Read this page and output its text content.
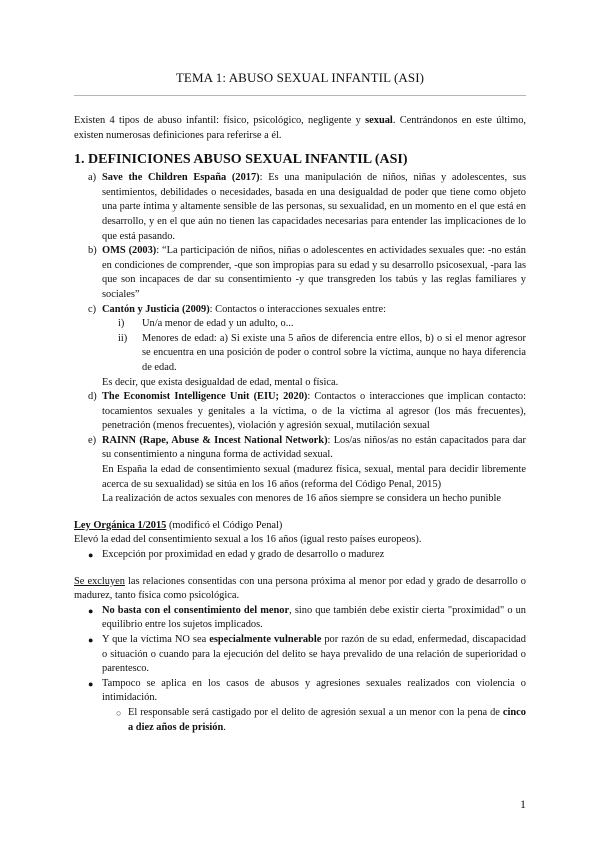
TEMA 1: ABUSO SEXUAL INFANTIL (ASI)

Existen 4 tipos de abuso infantil: físico, psicológico, negligente y sexual. Centrándonos en este último, existen numerosas definiciones para referirse a él.

1. DEFINICIONES ABUSO SEXUAL INFANTIL (ASI)
a) Save the Children España (2017): Es una manipulación de niños, niñas y adolescentes, sus sentimientos, debilidades o necesidades, basada en una desigualdad de poder que tiene como objeto una parte íntima y altamente sensible de las personas, su sexualidad, en un momento en el que está en desarrollo, y en el que aún no tienen las capacidades necesarias para entender las implicaciones de lo que está pasando.
b) OMS (2003): “La participación de niños, niñas o adolescentes en actividades sexuales que: -no están en condiciones de comprender, -que son impropias para su edad y su desarrollo psicosexual, -para las que son incapaces de dar su consentimiento -y que transgreden los tabús y las reglas familiares y sociales”
c) Cantón y Justicia (2009): Contactos o interacciones sexuales entre:
i)	Un/a menor de edad y un adulto, o...
ii)	Menores de edad: a) Si existe una 5 años de diferencia entre ellos, b) o si el menor agresor se encuentra en una posición de poder o control sobre la víctima, aunque no haya diferencia de edad.

Es decir, que exista desigualdad de edad, mental o física.

d) The Economist Intelligence Unit (EIU; 2020): Contactos o interacciones que implican contacto: tocamientos sexuales y genitales a la víctima, o de la víctima al agresor (los más frecuentes), penetración (menos frecuentes), violación y agresión sexual, mutilación sexual
e) RAINN (Rape, Abuse & Incest National Network): Los/as niños/as no están capacitados para dar su consentimiento a ninguna forma de actividad sexual.

En España la edad de consentimiento sexual (madurez física, sexual, mental para decidir libremente acerca de su sexualidad) se sitúa en los 16 años (reforma del Código Penal, 2015)

La realización de actos sexuales con menores de 16 años siempre se considera un hecho punible

Ley Orgánica 1/2015 (modificó el Código Penal)

Elevó la edad del consentimiento sexual a los 16 años (igual resto países europeos).

● Excepción por proximidad en edad y grado de desarrollo o madurez

Se excluyen las relaciones consentidas con una persona próxima al menor por edad y grado de desarrollo o madurez, tanto física como psicológica.

● No basta con el consentimiento del menor, sino que también debe existir cierta "proximidad" o un equilibrio entre los sujetos implicados.
● Y que la víctima NO sea especialmente vulnerable por razón de su edad, enfermedad, discapacidad o situación o cuando para la ejecución del delito se haya prevalido de una relación de superioridad o parentesco.
● Tampoco se aplica en los casos de abusos y agresiones sexuales realizados con violencia o intimidación.
○ El responsable será castigado por el delito de agresión sexual a un menor con la pena de cinco a diez años de prisión.
1
